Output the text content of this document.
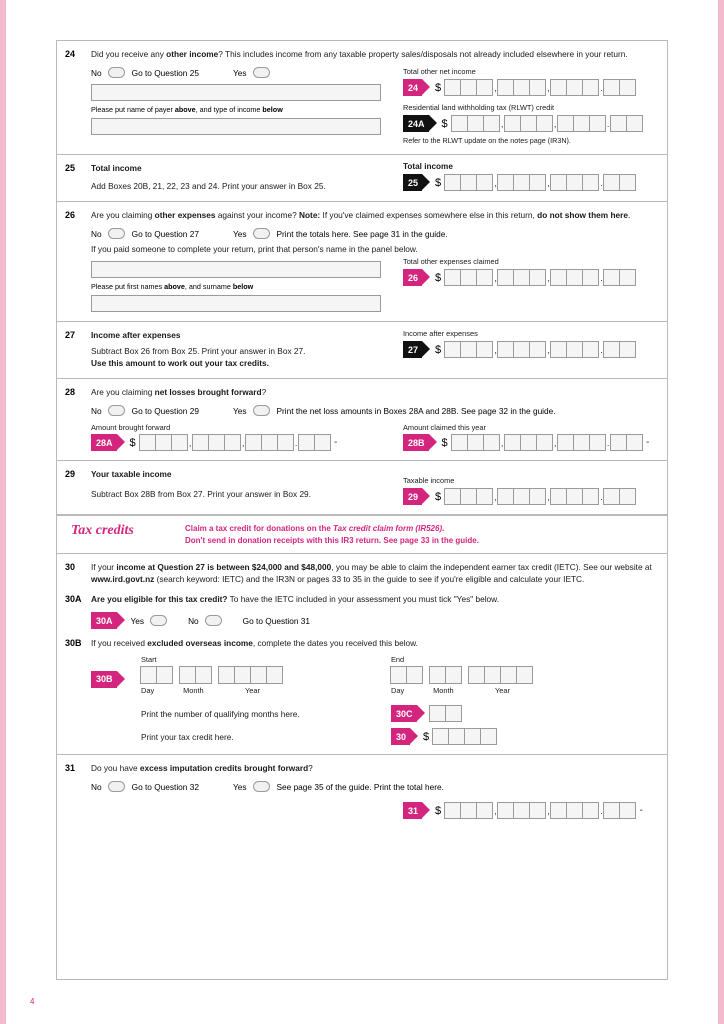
24	Did you receive any other income? This includes income from any taxable property sales/disposals not already included elsewhere in your return.
No	Go to Question 25	Yes
Please put name of payer above, and type of income below
Total other net income
24	$	,	,	.
Residential land withholding tax (RLWT) credit
24A	$	,	,	.
Refer to the RLWT update on the notes page (IR3N).
25	Total income
Add Boxes 20B, 21, 22, 23 and 24. Print your answer in Box 25.
Total income
25	$	,	,	.
26	Are you claiming other expenses against your income? Note: If you've claimed expenses somewhere else in this return, do not show them here.
No	Go to Question 27	Yes	Print the totals here. See page 31 in the guide.
If you paid someone to complete your return, print that person's name in the panel below.
Please put first names above, and surname below
Total other expenses claimed
26	$	,	,	.
27	Income after expenses
Subtract Box 26 from Box 25. Print your answer in Box 27.
Use this amount to work out your tax credits.
Income after expenses
27	$	,	,	.
28	Are you claiming net losses brought forward?
No	Go to Question 29	Yes	Print the net loss amounts in Boxes 28A and 28B. See page 32 in the guide.
Amount brought forward
28A	$	,	,	.	-
Amount claimed this year
28B	$	,	,	.	-
29	Your taxable income
Subtract Box 28B from Box 27. Print your answer in Box 29.
Taxable income
29	$	,	,	.
Tax credits	Claim a tax credit for donations on the Tax credit claim form (IR526).
Don't send in donation receipts with this IR3 return. See page 33 in the guide.
30	If your income at Question 27 is between $24,000 and $48,000, you may be able to claim the independent earner tax credit (IETC). See our website at www.ird.govt.nz (search keyword: IETC) and the IR3N or pages 33 to 35 in the guide to see if you're eligible and calculate your IETC.
30A	Are you eligible for this tax credit? To have the IETC included in your assessment you must tick "Yes" below.
30A	Yes	No	Go to Question 31
30B	If you received excluded overseas income, complete the dates you received this below.
30B
Start
Day	Month	Year
End
Day	Month	Year
Print the number of qualifying months here.	30C
Print your tax credit here.	30	$
31	Do you have excess imputation credits brought forward?
No	Go to Question 32	Yes	See page 35 of the guide. Print the total here.
31	$	,	,	.	-
4
